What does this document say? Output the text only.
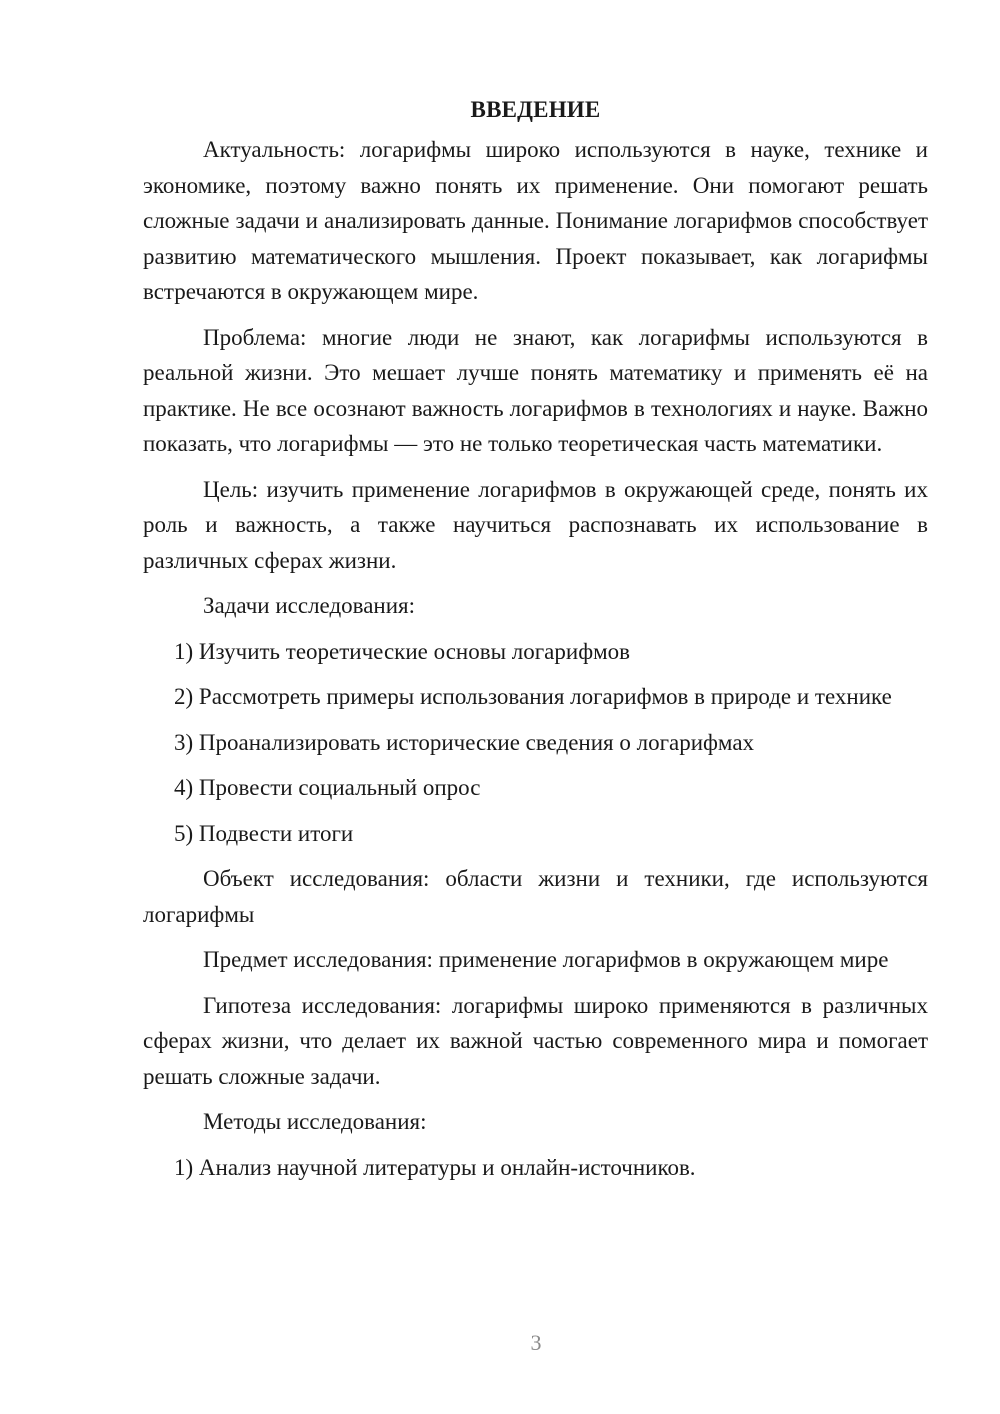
ВВЕДЕНИЕ

Актуальность: логарифмы широко используются в науке, технике и экономике, поэтому важно понять их применение. Они помогают решать сложные задачи и анализировать данные. Понимание логарифмов способствует развитию математического мышления. Проект показывает, как логарифмы встречаются в окружающем мире.

Проблема: многие люди не знают, как логарифмы используются в реальной жизни. Это мешает лучше понять математику и применять её на практике. Не все осознают важность логарифмов в технологиях и науке. Важно показать, что логарифмы — это не только теоретическая часть математики.

Цель: изучить применение логарифмов в окружающей среде, понять их роль и важность, а также научиться распознавать их использование в различных сферах жизни.

Задачи исследования:

1) Изучить теоретические основы логарифмов

2) Рассмотреть примеры использования логарифмов в природе и технике

3) Проанализировать исторические сведения о логарифмах

4) Провести социальный опрос

5) Подвести итоги

Объект исследования: области жизни и техники, где используются логарифмы

Предмет исследования: применение логарифмов в окружающем мире

Гипотеза исследования: логарифмы широко применяются в различных сферах жизни, что делает их важной частью современного мира и помогает решать сложные задачи.

Методы исследования:

1) Анализ научной литературы и онлайн-источников.

3
